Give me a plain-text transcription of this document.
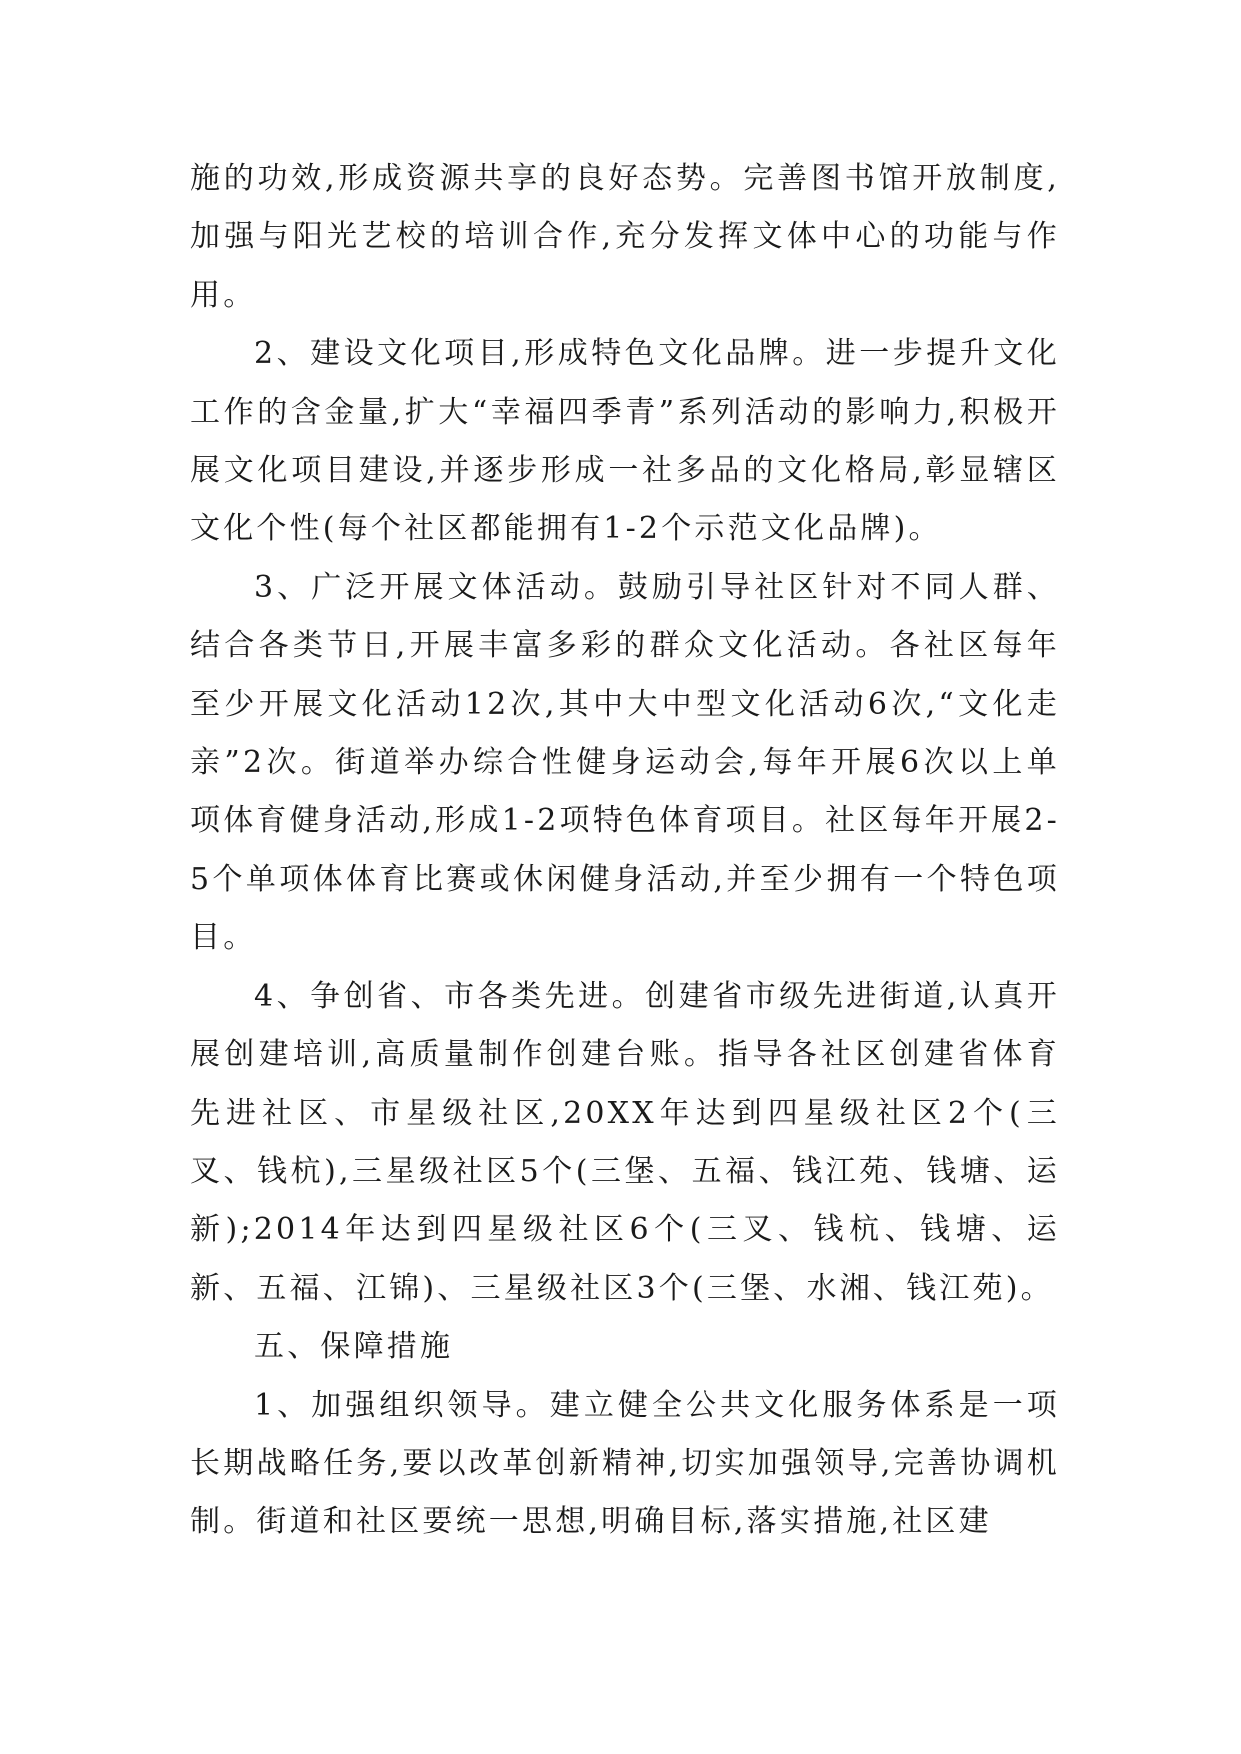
施的功效,形成资源共享的良好态势。完善图书馆开放制度,加强与阳光艺校的培训合作,充分发挥文体中心的功能与作用。

2、建设文化项目,形成特色文化品牌。进一步提升文化工作的含金量,扩大“幸福四季青”系列活动的影响力,积极开展文化项目建设,并逐步形成一社多品的文化格局,彰显辖区文化个性(每个社区都能拥有1-2个示范文化品牌)。

3、广泛开展文体活动。鼓励引导社区针对不同人群、结合各类节日,开展丰富多彩的群众文化活动。各社区每年至少开展文化活动12次,其中大中型文化活动6次,“文化走亲”2次。街道举办综合性健身运动会,每年开展6次以上单项体育健身活动,形成1-2项特色体育项目。社区每年开展2-5个单项体体育比赛或休闲健身活动,并至少拥有一个特色项目。

4、争创省、市各类先进。创建省市级先进街道,认真开展创建培训,高质量制作创建台账。指导各社区创建省体育先进社区、市星级社区,20XX年达到四星级社区2个(三叉、钱杭),三星级社区5个(三堡、五福、钱江苑、钱塘、运新);2014年达到四星级社区6个(三叉、钱杭、钱塘、运新、五福、江锦)、三星级社区3个(三堡、水湘、钱江苑)。

五、保障措施

1、加强组织领导。建立健全公共文化服务体系是一项长期战略任务,要以改革创新精神,切实加强领导,完善协调机制。街道和社区要统一思想,明确目标,落实措施,社区建
